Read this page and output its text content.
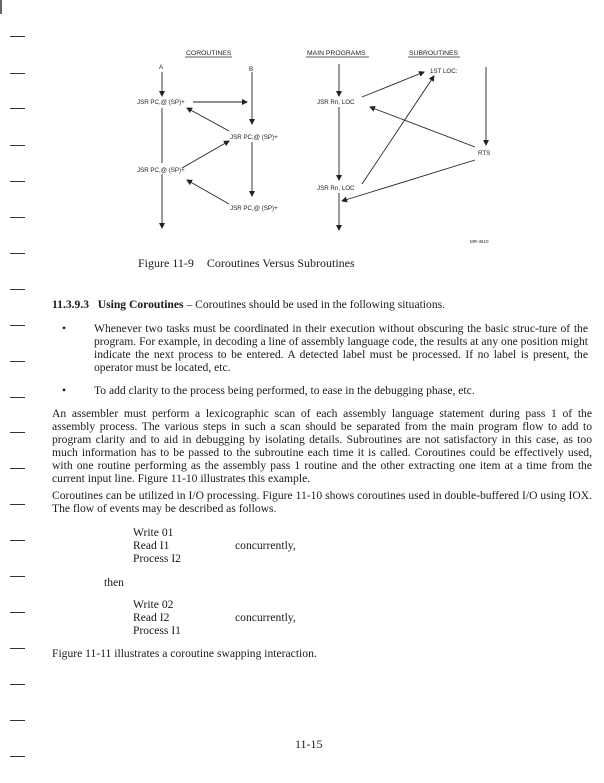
COROUTINES	MAIN PROGRAMS	SUBROUTINES
A	B
JSR PC,@ (SP)+
JSR PC,@ (SP)+
JSR PC,@ (SP)+
JSR PC,@ (SP)+
JSR Rn, LOC
JSR Rn, LOC
1ST LOC:
RTS
MR-3610
Figure 11-9 Coroutines Versus Subroutines
11.3.9.3 Using Coroutines – Coroutines should be used in the following situations.
• Whenever two tasks must be coordinated in their execution without obscuring the basic struc-ture of the program. For example, in decoding a line of assembly language code, the results at any one position might indicate the next process to be entered. A detected label must be processed. If no label is present, the operator must be located, etc.
• To add clarity to the process being performed, to ease in the debugging phase, etc.
An assembler must perform a lexicographic scan of each assembly language statement during pass 1 of the assembly process. The various steps in such a scan should be separated from the main program flow to add to program clarity and to aid in debugging by isolating details. Subroutines are not satisfactory in this case, as too much information has to be passed to the subroutine each time it is called. Coroutines could be effectively used, with one routine performing as the assembly pass 1 routine and the other extracting one item at a time from the current input line. Figure 11-10 illustrates this example.
Coroutines can be utilized in I/O processing. Figure 11-10 shows coroutines used in double-buffered I/O using IOX. The flow of events may be described as follows.
Write 01
Read I1
Process I2
concurrently,
then
Write 02
Read I2
Process I1
concurrently,
Figure 11-11 illustrates a coroutine swapping interaction.
11-15
